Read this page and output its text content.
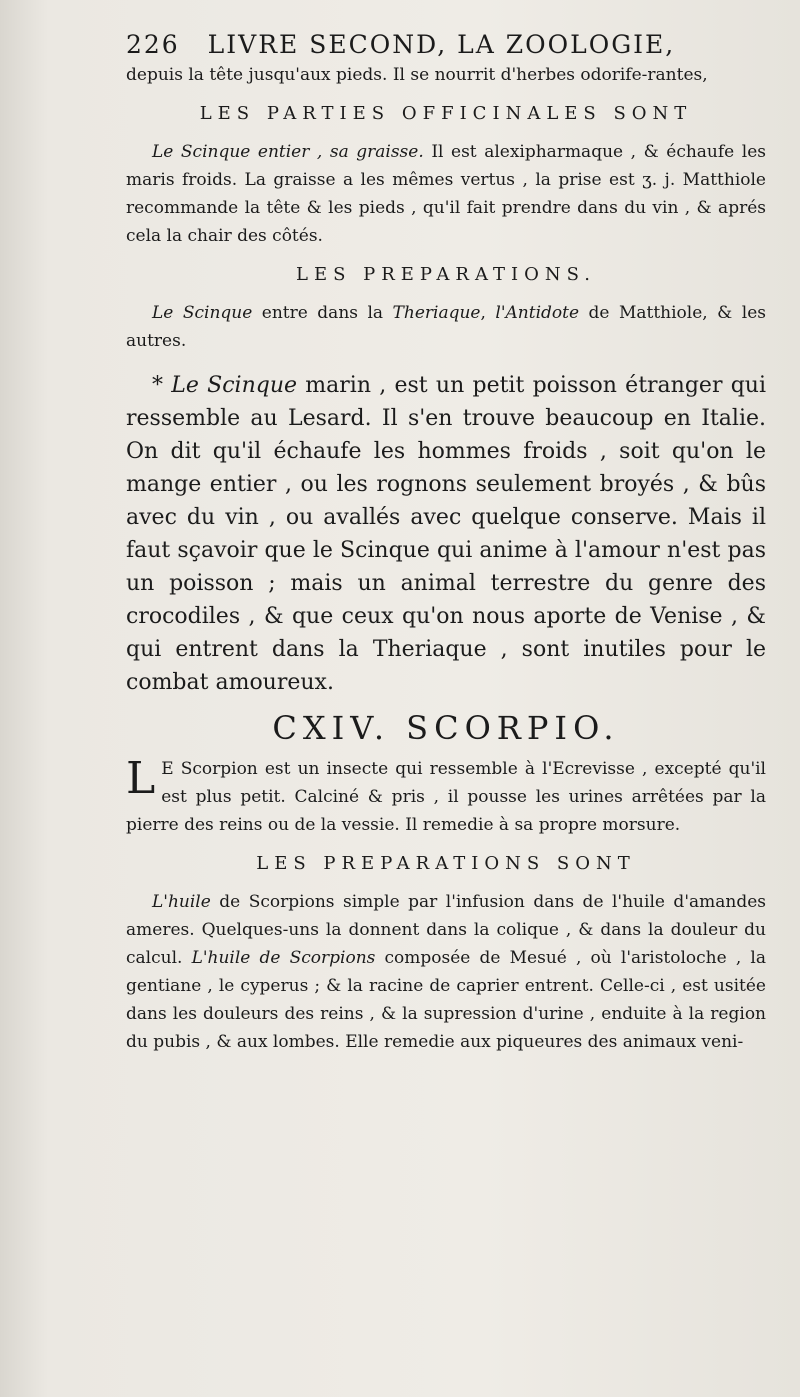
226 LIVRE SECOND, LA ZOOLOGIE,

depuis la tête jusqu'aux pieds. Il se nourrit d'herbes odorife-rantes,

LES PARTIES OFFICINALES SONT

Le Scinque entier , sa graisse. Il est alexipharmaque , & échaufe les maris froids. La graisse a les mêmes vertus , la prise est ʒ. j. Matthiole recommande la tête & les pieds , qu'il fait prendre dans du vin , & aprés cela la chair des côtés.

LES PREPARATIONS.

Le Scinque entre dans la Theriaque, l'Antidote de Matthiole, & les autres.

* Le Scinque marin , est un petit poisson étranger qui ressemble au Lesard. Il s'en trouve beaucoup en Italie. On dit qu'il échaufe les hommes froids , soit qu'on le mange entier , ou les rognons seulement broyés , & bûs avec du vin , ou avallés avec quelque conserve. Mais il faut sçavoir que le Scinque qui anime à l'amour n'est pas un poisson ; mais un animal terrestre du genre des crocodiles , & que ceux qu'on nous aporte de Venise , & qui entrent dans la Theriaque , sont inutiles pour le combat amoureux.

CXIV. SCORPIO.

L E Scorpion est un insecte qui ressemble à l'Ecrevisse , excepté qu'il est plus petit. Calciné & pris , il pousse les urines arrêtées par la pierre des reins ou de la vessie. Il remedie à sa propre morsure.

LES PREPARATIONS SONT

L'huile de Scorpions simple par l'infusion dans de l'huile d'amandes ameres. Quelques-uns la donnent dans la colique , & dans la douleur du calcul. L'huile de Scorpions composée de Mesué , où l'aristoloche , la gentiane , le cyperus ; & la racine de caprier entrent. Celle-ci , est usitée dans les douleurs des reins , & la supression d'urine , enduite à la region du pubis , & aux lombes. Elle remedie aux piqueures des animaux veni-
